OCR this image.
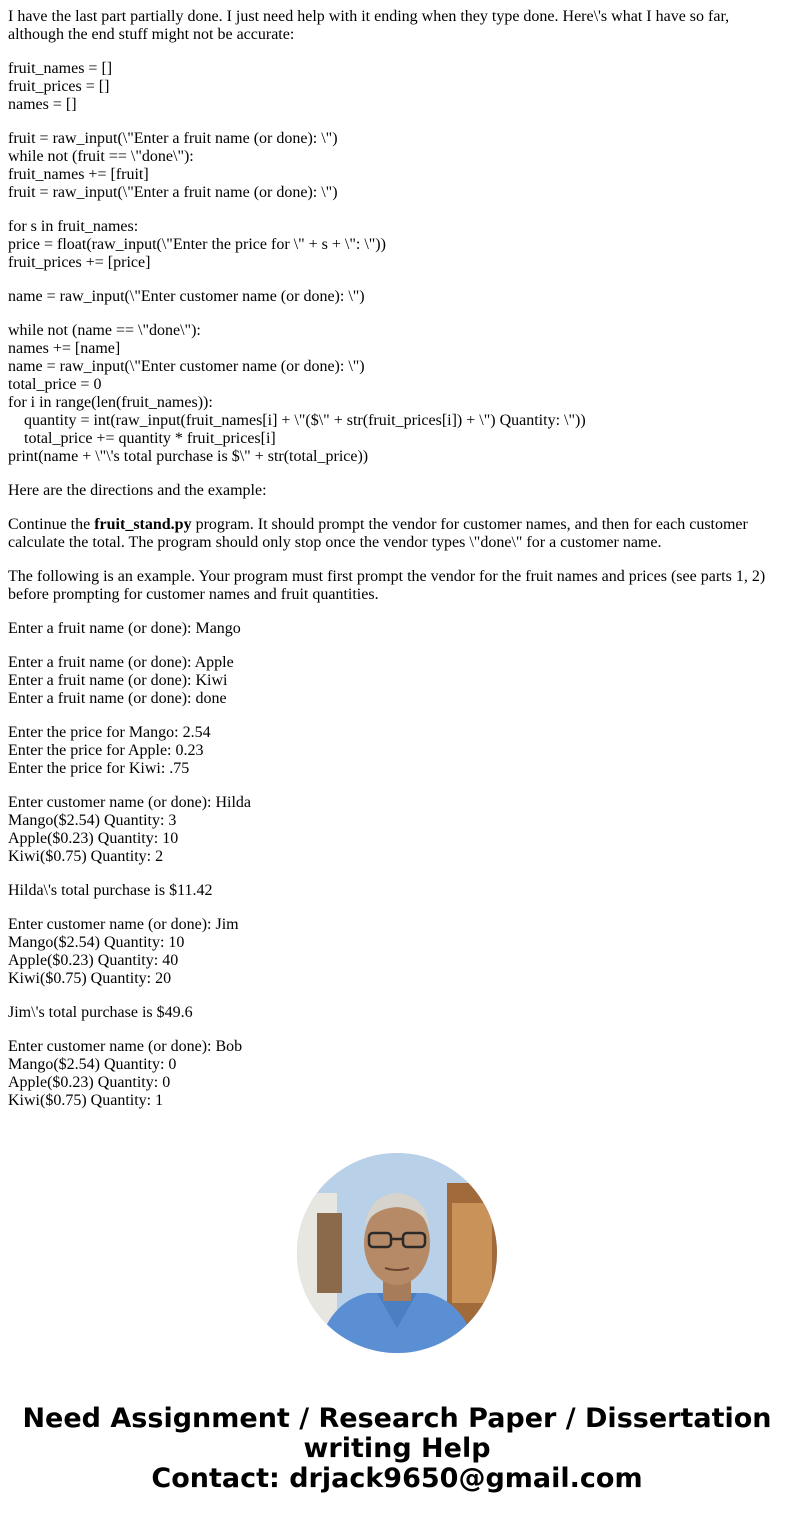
I have the last part partially done. I just need help with it ending when they type done. Here\'s what I have so far, although the end stuff might not be accurate:

fruit_names = []
fruit_prices = []
names = []
fruit = raw_input(\"Enter a fruit name (or done): \")
while not (fruit == \"done\"):
fruit_names += [fruit]
fruit = raw_input(\"Enter a fruit name (or done): \")
for s in fruit_names:
price = float(raw_input(\"Enter the price for \" + s + \": \"))
fruit_prices += [price]
name = raw_input(\"Enter customer name (or done): \")
while not (name == \"done\"):
names += [name]
name = raw_input(\"Enter customer name (or done): \")
total_price = 0
for i in range(len(fruit_names)):
quantity = int(raw_input(fruit_names[i] + \"($\" + str(fruit_prices[i]) + \") Quantity: \"))
total_price += quantity * fruit_prices[i]
print(name + \"\'s total purchase is $\" + str(total_price))

Here are the directions and the example:

Continue the fruit_stand.py program. It should prompt the vendor for customer names, and then for each customer calculate the total. The program should only stop once the vendor types \"done\" for a customer name.

The following is an example. Your program must first prompt the vendor for the fruit names and prices (see parts 1, 2) before prompting for customer names and fruit quantities.

Enter a fruit name (or done): Mango
Enter a fruit name (or done): Apple
Enter a fruit name (or done): Kiwi
Enter a fruit name (or done): done
Enter the price for Mango: 2.54
Enter the price for Apple: 0.23
Enter the price for Kiwi: .75
Enter customer name (or done): Hilda
Mango($2.54) Quantity: 3
Apple($0.23) Quantity: 10
Kiwi($0.75) Quantity: 2
Hilda\'s total purchase is $11.42
Enter customer name (or done): Jim
Mango($2.54) Quantity: 10
Apple($0.23) Quantity: 40
Kiwi($0.75) Quantity: 20
Jim\'s total purchase is $49.6
Enter customer name (or done): Bob
Mango($2.54) Quantity: 0
Apple($0.23) Quantity: 0
Kiwi($0.75) Quantity: 1
Need Assignment / Research Paper / Dissertation
writing Help
Contact: drjack9650@gmail.com
